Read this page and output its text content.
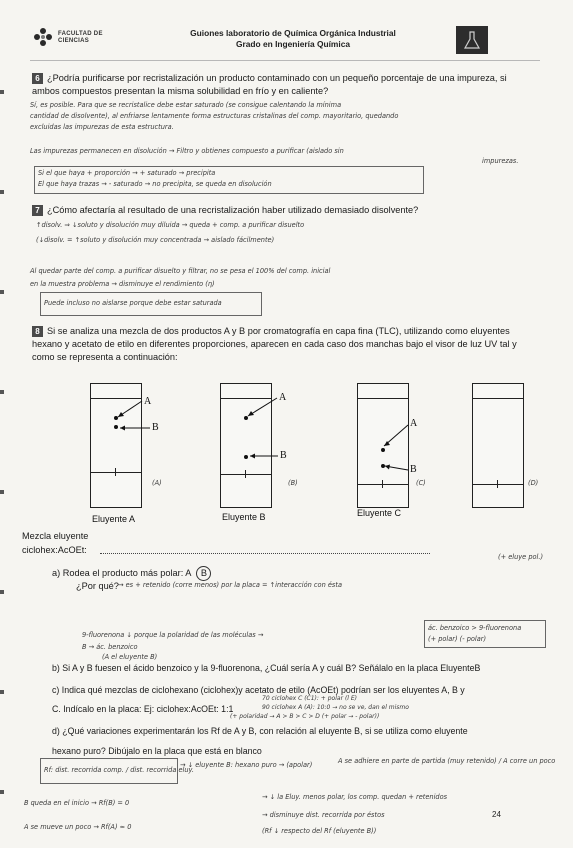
FACULTAD DE
CIENCIAS
Guiones laboratorio de Química Orgánica Industrial
Grado en Ingeniería Química
6 ¿Podría purificarse por recristalización un producto contaminado con un pequeño porcentaje de una impureza, si ambos compuestos presentan la misma solubilidad en frío y en caliente?
Sí, es posible. Para que se recristalice debe estar saturado (se consigue calentando la mínima
cantidad de disolvente), al enfriarse lentamente forma estructuras cristalinas del comp. mayoritario, quedando
excluidas las impurezas de esta estructura.
Las impurezas permanecen en disolución → Filtro y obtienes compuesto a purificar (aislado sin
impurezas.
Si el que haya + proporción → + saturado → precipita
El que haya trazas → - saturado → no precipita, se queda en disolución
7 ¿Cómo afectaría al resultado de una recristalización haber utilizado demasiado disolvente?
↑disolv. ⇒ ↓soluto y disolución muy diluida → queda + comp. a purificar disuelto
(↓disolv. = ↑soluto y disolución muy concentrada → aislado fácilmente)
Al quedar parte del comp. a purificar disuelto y filtrar, no se pesa el 100% del comp. inicial
en la muestra problema → disminuye el rendimiento (η)
Puede incluso no aislarse porque debe estar saturada
8 Si se analiza una mezcla de dos productos A y B por cromatografía en capa fina (TLC), utilizando como eluyentes hexano y acetato de etilo en diferentes proporciones, aparecen en cada caso dos manchas bajo el visor de luz UV tal y como se representa a continuación:
A
B
A
B
A
B
(A)	(B)	(C)	(D)
Eluyente A	Eluyente B	Eluyente C
Mezcla eluyente
ciclohex:AcOEt:
(+ eluye pol.)
a) Rodea el producto más polar: A B
¿Por qué? → es + retenido (corre menos) por la placa = ↑interacción con ésta
9-fluorenona ↓ porque la polaridad de las moléculas →
ác. benzoico > 9-fluorenona
(+ polar) (- polar)
B → ác. benzoico
(A el eluyente B)
b) Si A y B fuesen el ácido benzoico y la 9-fluorenona, ¿Cuál sería A y cuál B? Señálalo en la placa EluyenteB
c) Indica qué mezclas de ciclohexano (ciclohex)y acetato de etilo (AcOEt) podrían ser los eluyentes A, B y
C. Indícalo en la placa: Ej: ciclohex:AcOEt: 1:1
70 ciclohex C (C1): + polar (l E)
90 ciclohex A (A): 10:0 → no se ve, dan el mismo
(+ polaridad → A > B > C > D (+ polar → - polar))
d) ¿Qué variaciones experimentarán los Rf de A y B, con relación al eluyente B, si se utiliza como eluyente
hexano puro? Dibújalo en la placa que está en blanco
Rf: dist. recorrida comp. / dist. recorrida eluy.
→ ↓ eluyente B: hexano puro → (apolar)	A se adhiere en parte de partida (muy retenido) / A corre un poco
→ ↓ la Eluy. menos polar, los comp. quedan + retenidos
→ disminuye dist. recorrida por éstos
(Rf ↓ respecto del Rf (eluyente B))
B queda en el inicio → Rf(B) = 0
A se mueve un poco → Rf(A) ≈ 0
24
